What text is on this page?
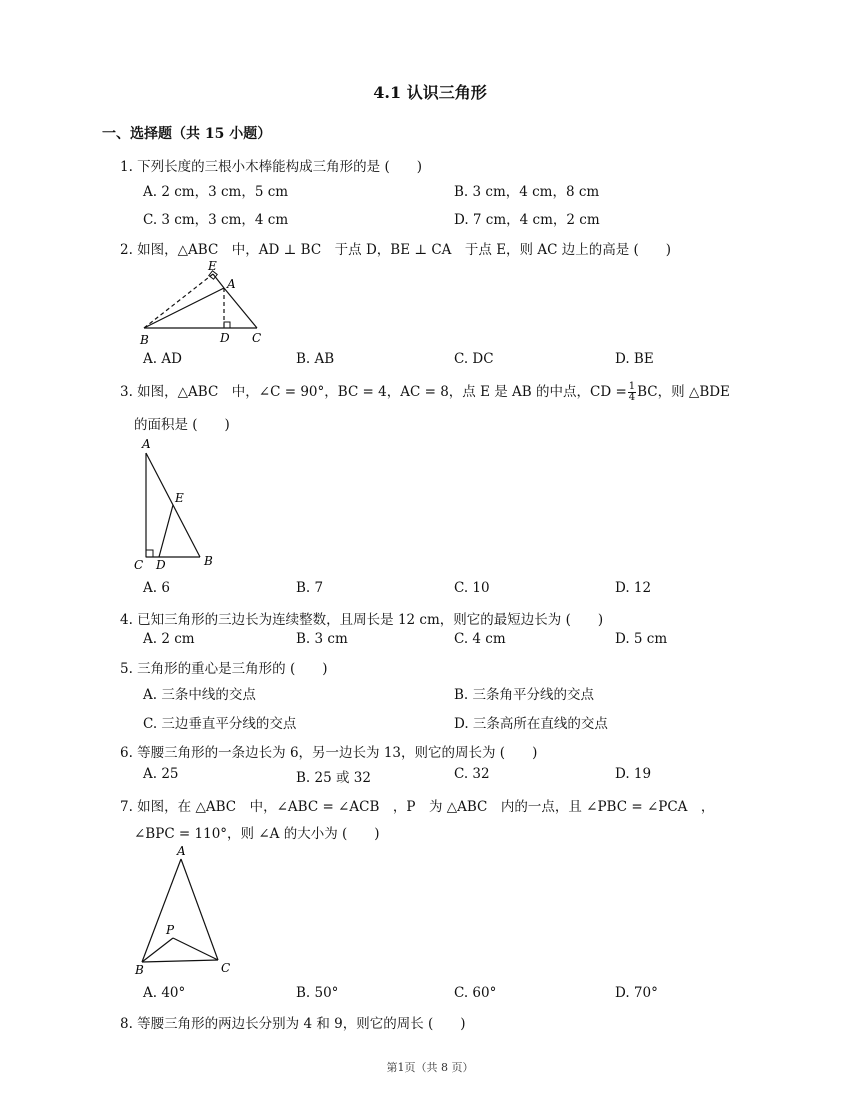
4.1 认识三角形
一、选择题（共 15 小题）
1. 下列长度的三根小木棒能构成三角形的是 (　　)
A. 2 cm，3 cm，5 cm	B. 3 cm，4 cm，8 cm
C. 3 cm，3 cm，4 cm	D. 7 cm，4 cm，2 cm
2. 如图，△ABC　中，AD ⊥ BC　于点 D，BE ⊥ CA　于点 E，则 AC 边上的高是 (　　)
E
A
B	D C
A. AD	B. AB	C. DC	D. BE
3. 如图，△ABC　中，∠C = 90°，BC = 4，AC = 8，点 E 是 AB 的中点，CD = $\frac{1}{4}$ BC，则 △BDE
的面积是 (　　)
A
E
C D	B
A. 6	B. 7	C. 10	D. 12
4. 已知三角形的三边长为连续整数，且周长是 12 cm，则它的最短边长为 (　　)
A. 2 cm	B. 3 cm	C. 4 cm	D. 5 cm
5. 三角形的重心是三角形的 (　　)
A. 三条中线的交点	B. 三条角平分线的交点
C. 三边垂直平分线的交点	D. 三条高所在直线的交点
6. 等腰三角形的一条边长为 6，另一边长为 13，则它的周长为 (　　)
A. 25	B. 25 或 32	C. 32	D. 19
7. 如图，在 △ABC　中，∠ABC = ∠ACB　，P　为 △ABC　内的一点，且 ∠PBC = ∠PCA　，
∠BPC = 110°，则 ∠A 的大小为 (　　)
A
P
B	C
A. 40°	B. 50°	C. 60°	D. 70°
8. 等腰三角形的两边长分别为 4 和 9，则它的周长 (　　)
第1页（共 8 页）
